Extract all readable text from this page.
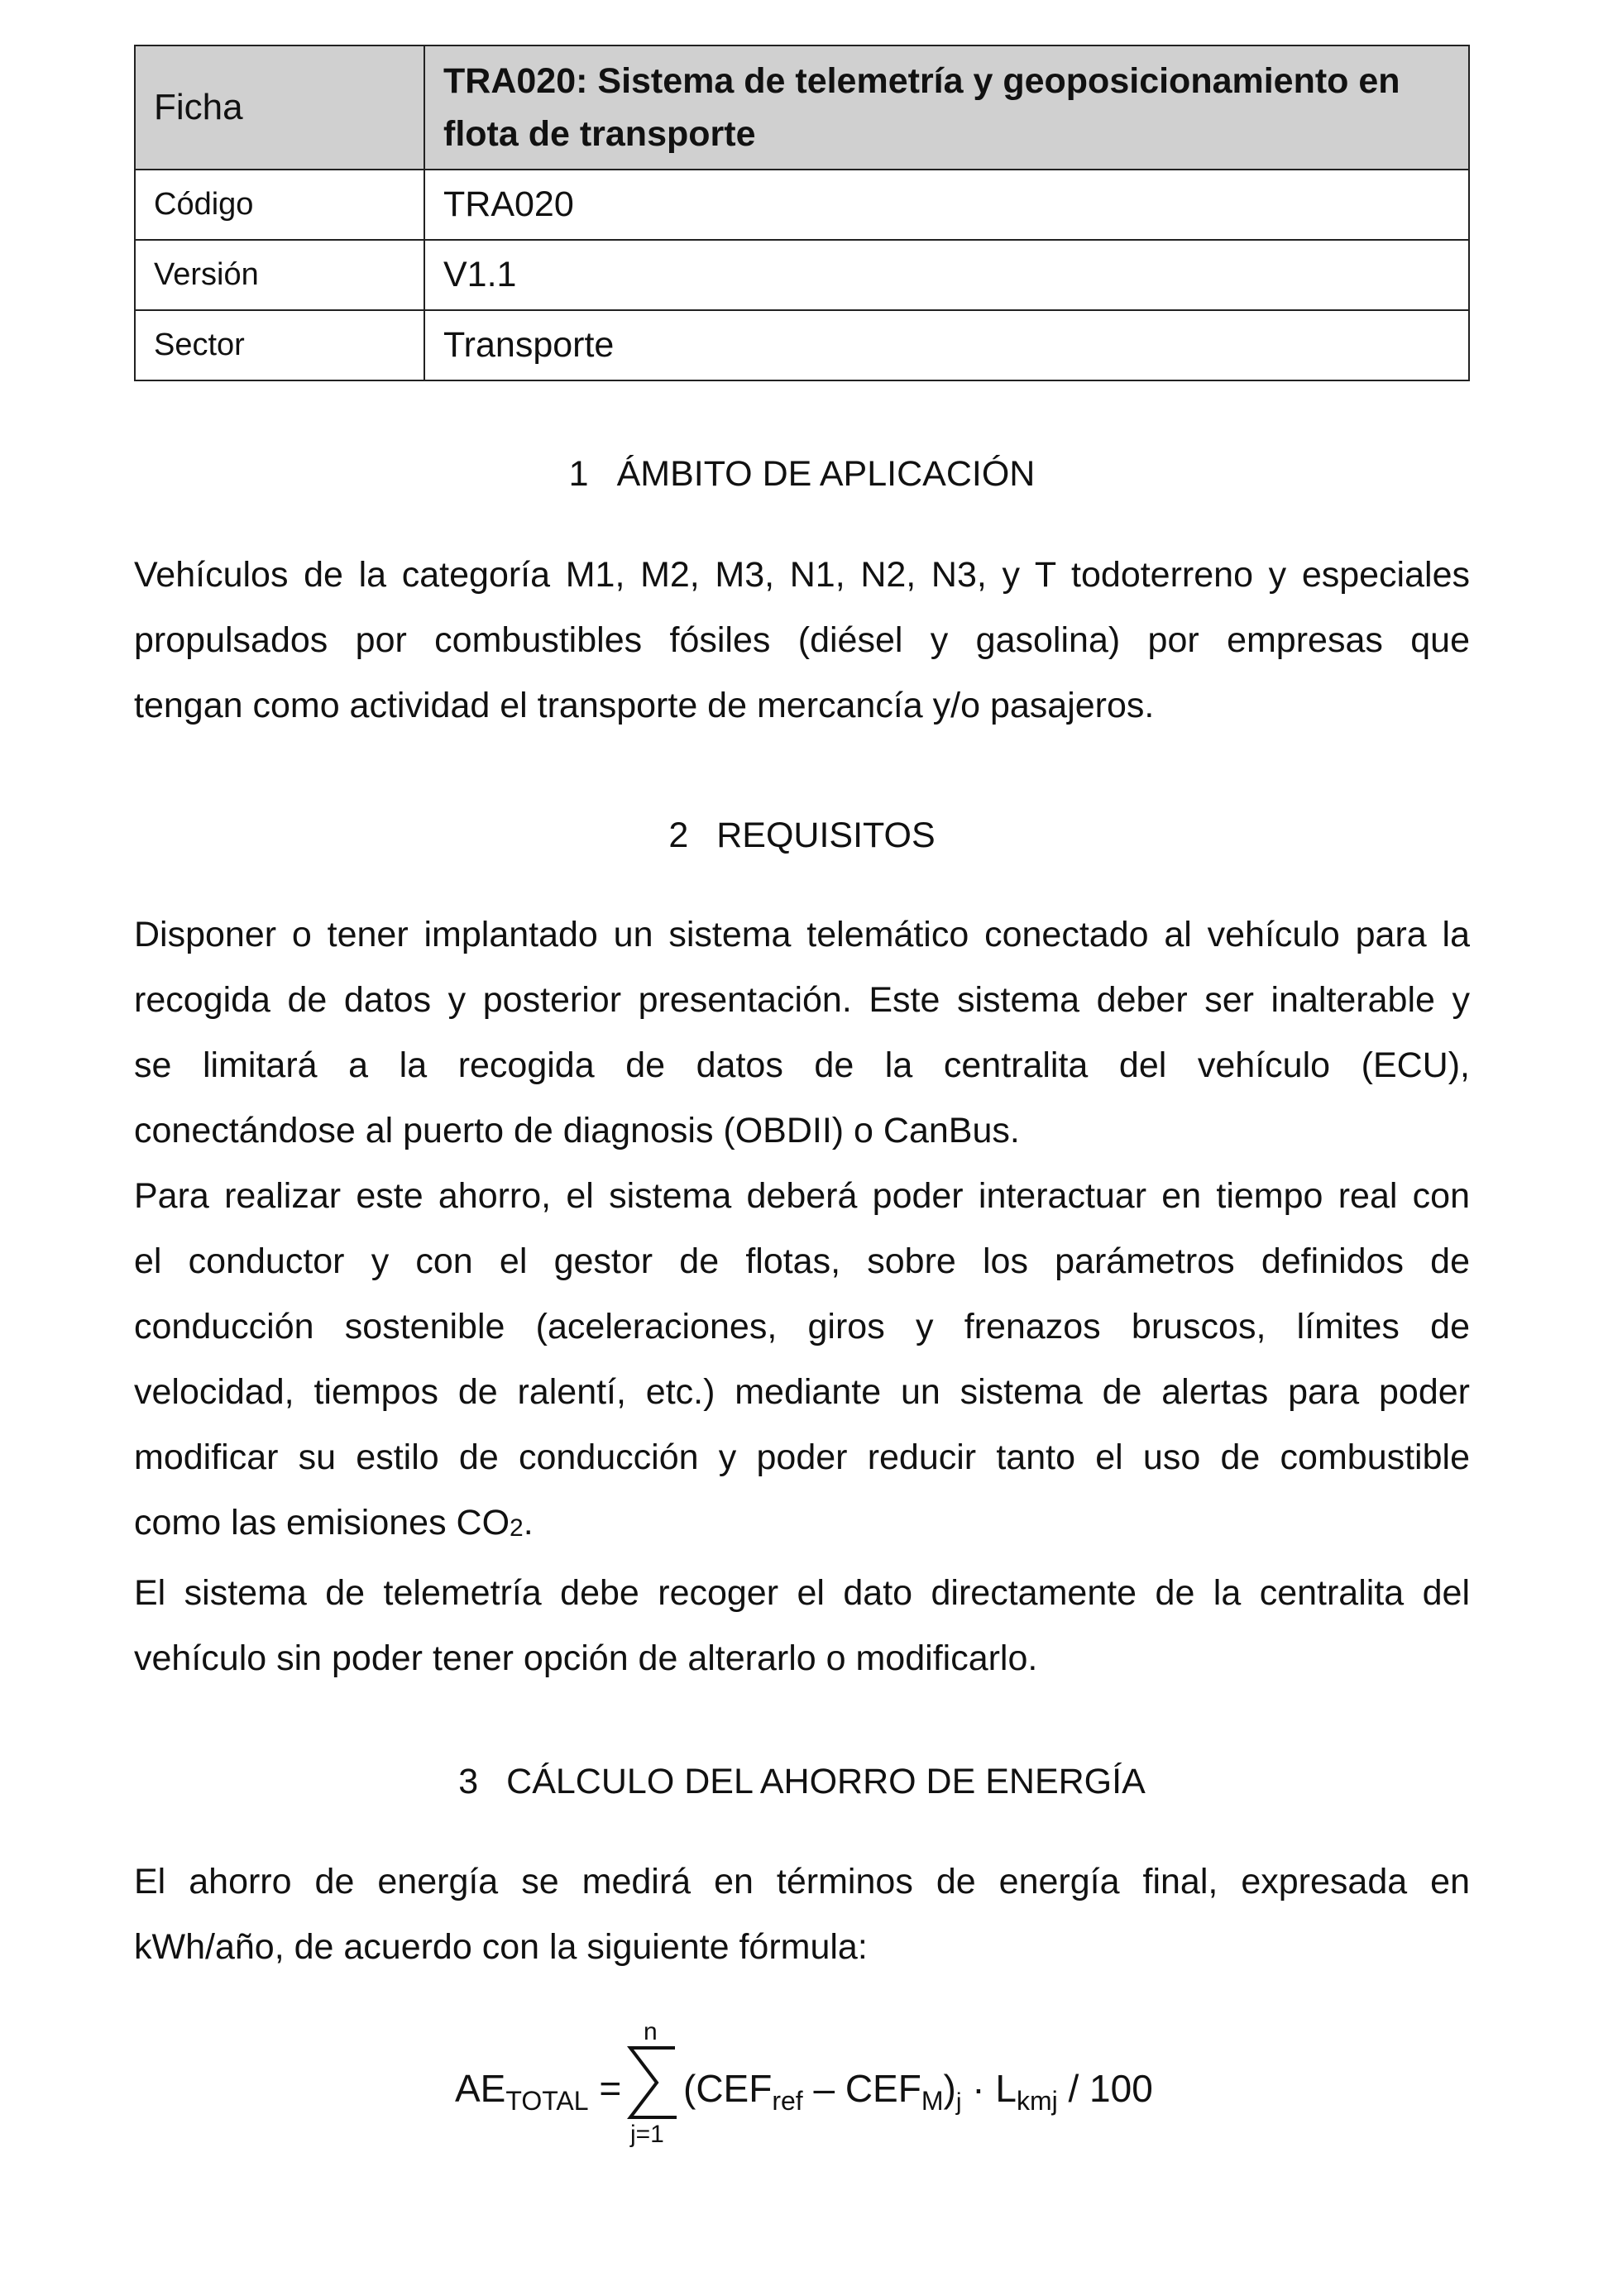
Ficha	TRA020: Sistema de telemetría y geoposicionamiento en flota de transporte
Código	TRA020
Versión	V1.1
Sector	Transporte
1 ÁMBITO DE APLICACIÓN
Vehículos de la categoría M1, M2, M3, N1, N2, N3, y T todoterreno y especiales
propulsados por combustibles fósiles (diésel y gasolina) por empresas que
tengan como actividad el transporte de mercancía y/o pasajeros.
2 REQUISITOS
Disponer o tener implantado un sistema telemático conectado al vehículo para la
recogida de datos y posterior presentación. Este sistema deber ser inalterable y
se limitará a la recogida de datos de la centralita del vehículo (ECU),
conectándose al puerto de diagnosis (OBDII) o CanBus.
Para realizar este ahorro, el sistema deberá poder interactuar en tiempo real con
el conductor y con el gestor de flotas, sobre los parámetros definidos de
conducción sostenible (aceleraciones, giros y frenazos bruscos, límites de
velocidad, tiempos de ralentí, etc.) mediante un sistema de alertas para poder
modificar su estilo de conducción y poder reducir tanto el uso de combustible
como las emisiones $CO_2$.
El sistema de telemetría debe recoger el dato directamente de la centralita del
vehículo sin poder tener opción de alterarlo o modificarlo.
3 CÁLCULO DEL AHORRO DE ENERGÍA
El ahorro de energía se medirá en términos de energía final, expresada en
kWh/año, de acuerdo con la siguiente fórmula:
$AE_{TOTAL}$ =
n
j=1
$(CEF_{ref} - CEF_M)_j \cdot L_{kmj} / 100$
